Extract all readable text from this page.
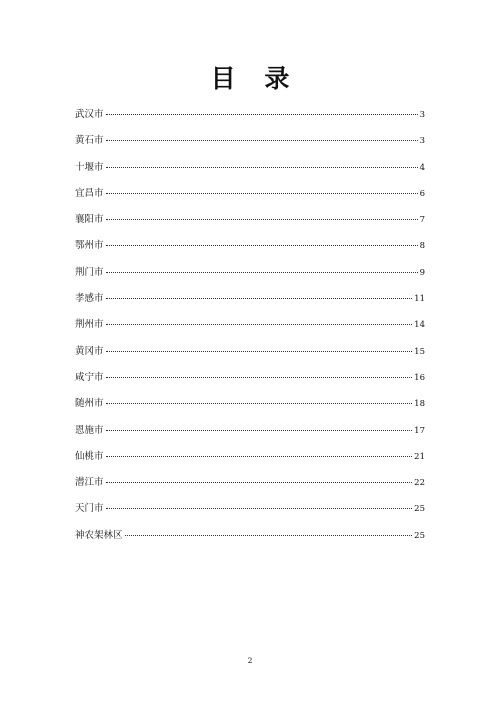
目 录
武汉市	3
黄石市	3
十堰市	4
宜昌市	6
襄阳市	7
鄂州市	8
荆门市	9
孝感市	11
荆州市	14
黄冈市	15
咸宁市	16
随州市	18
恩施市	17
仙桃市	21
潜江市	22
天门市	25
神农架林区	25
2
